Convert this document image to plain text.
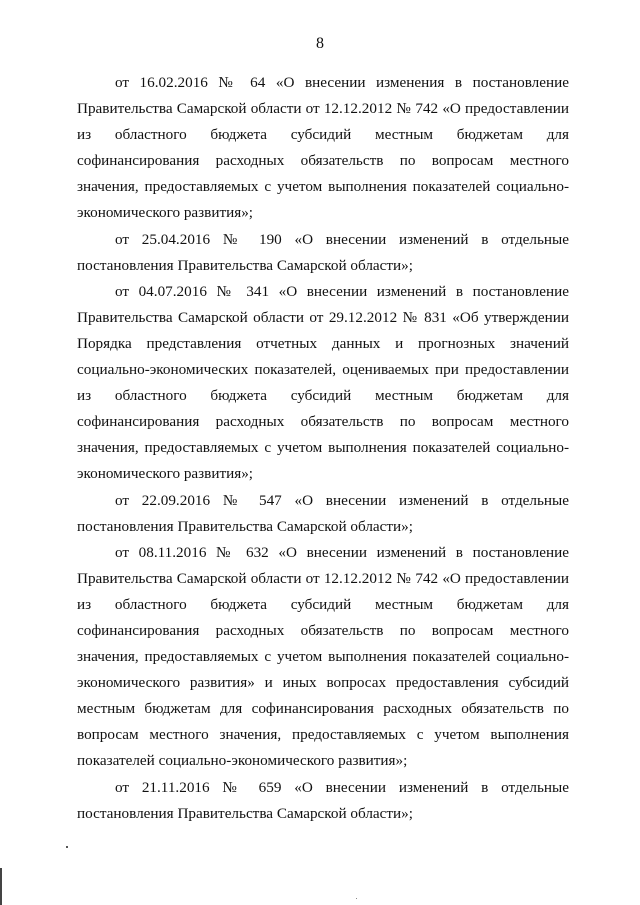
8

от 16.02.2016 № 64 «О внесении изменения в постановление Правительства Самарской области от 12.12.2012 № 742 «О предоставлении из областного бюджета субсидий местным бюджетам для софинансирования расходных обязательств по вопросам местного значения, предоставляемых с учетом выполнения показателей социально-экономического развития»;

от 25.04.2016 № 190 «О внесении изменений в отдельные постановления Правительства Самарской области»;

от 04.07.2016 № 341 «О внесении изменений в постановление Правительства Самарской области от 29.12.2012 № 831 «Об утверждении Порядка представления отчетных данных и прогнозных значений социально-экономических показателей, оцениваемых при предоставлении из областного бюджета субсидий местным бюджетам для софинансирования расходных обязательств по вопросам местного значения, предоставляемых с учетом выполнения показателей социально-экономического развития»;

от 22.09.2016 № 547 «О внесении изменений в отдельные постановления Правительства Самарской области»;

от 08.11.2016 № 632 «О внесении изменений в постановление Правительства Самарской области от 12.12.2012 № 742 «О предоставлении из областного бюджета субсидий местным бюджетам для софинансирования расходных обязательств по вопросам местного значения, предоставляемых с учетом выполнения показателей социально-экономического развития» и иных вопросах предоставления субсидий местным бюджетам для софинансирования расходных обязательств по вопросам местного значения, предоставляемых с учетом выполнения показателей социально-экономического развития»;

от 21.11.2016 № 659 «О внесении изменений в отдельные постановления Правительства Самарской области»;
